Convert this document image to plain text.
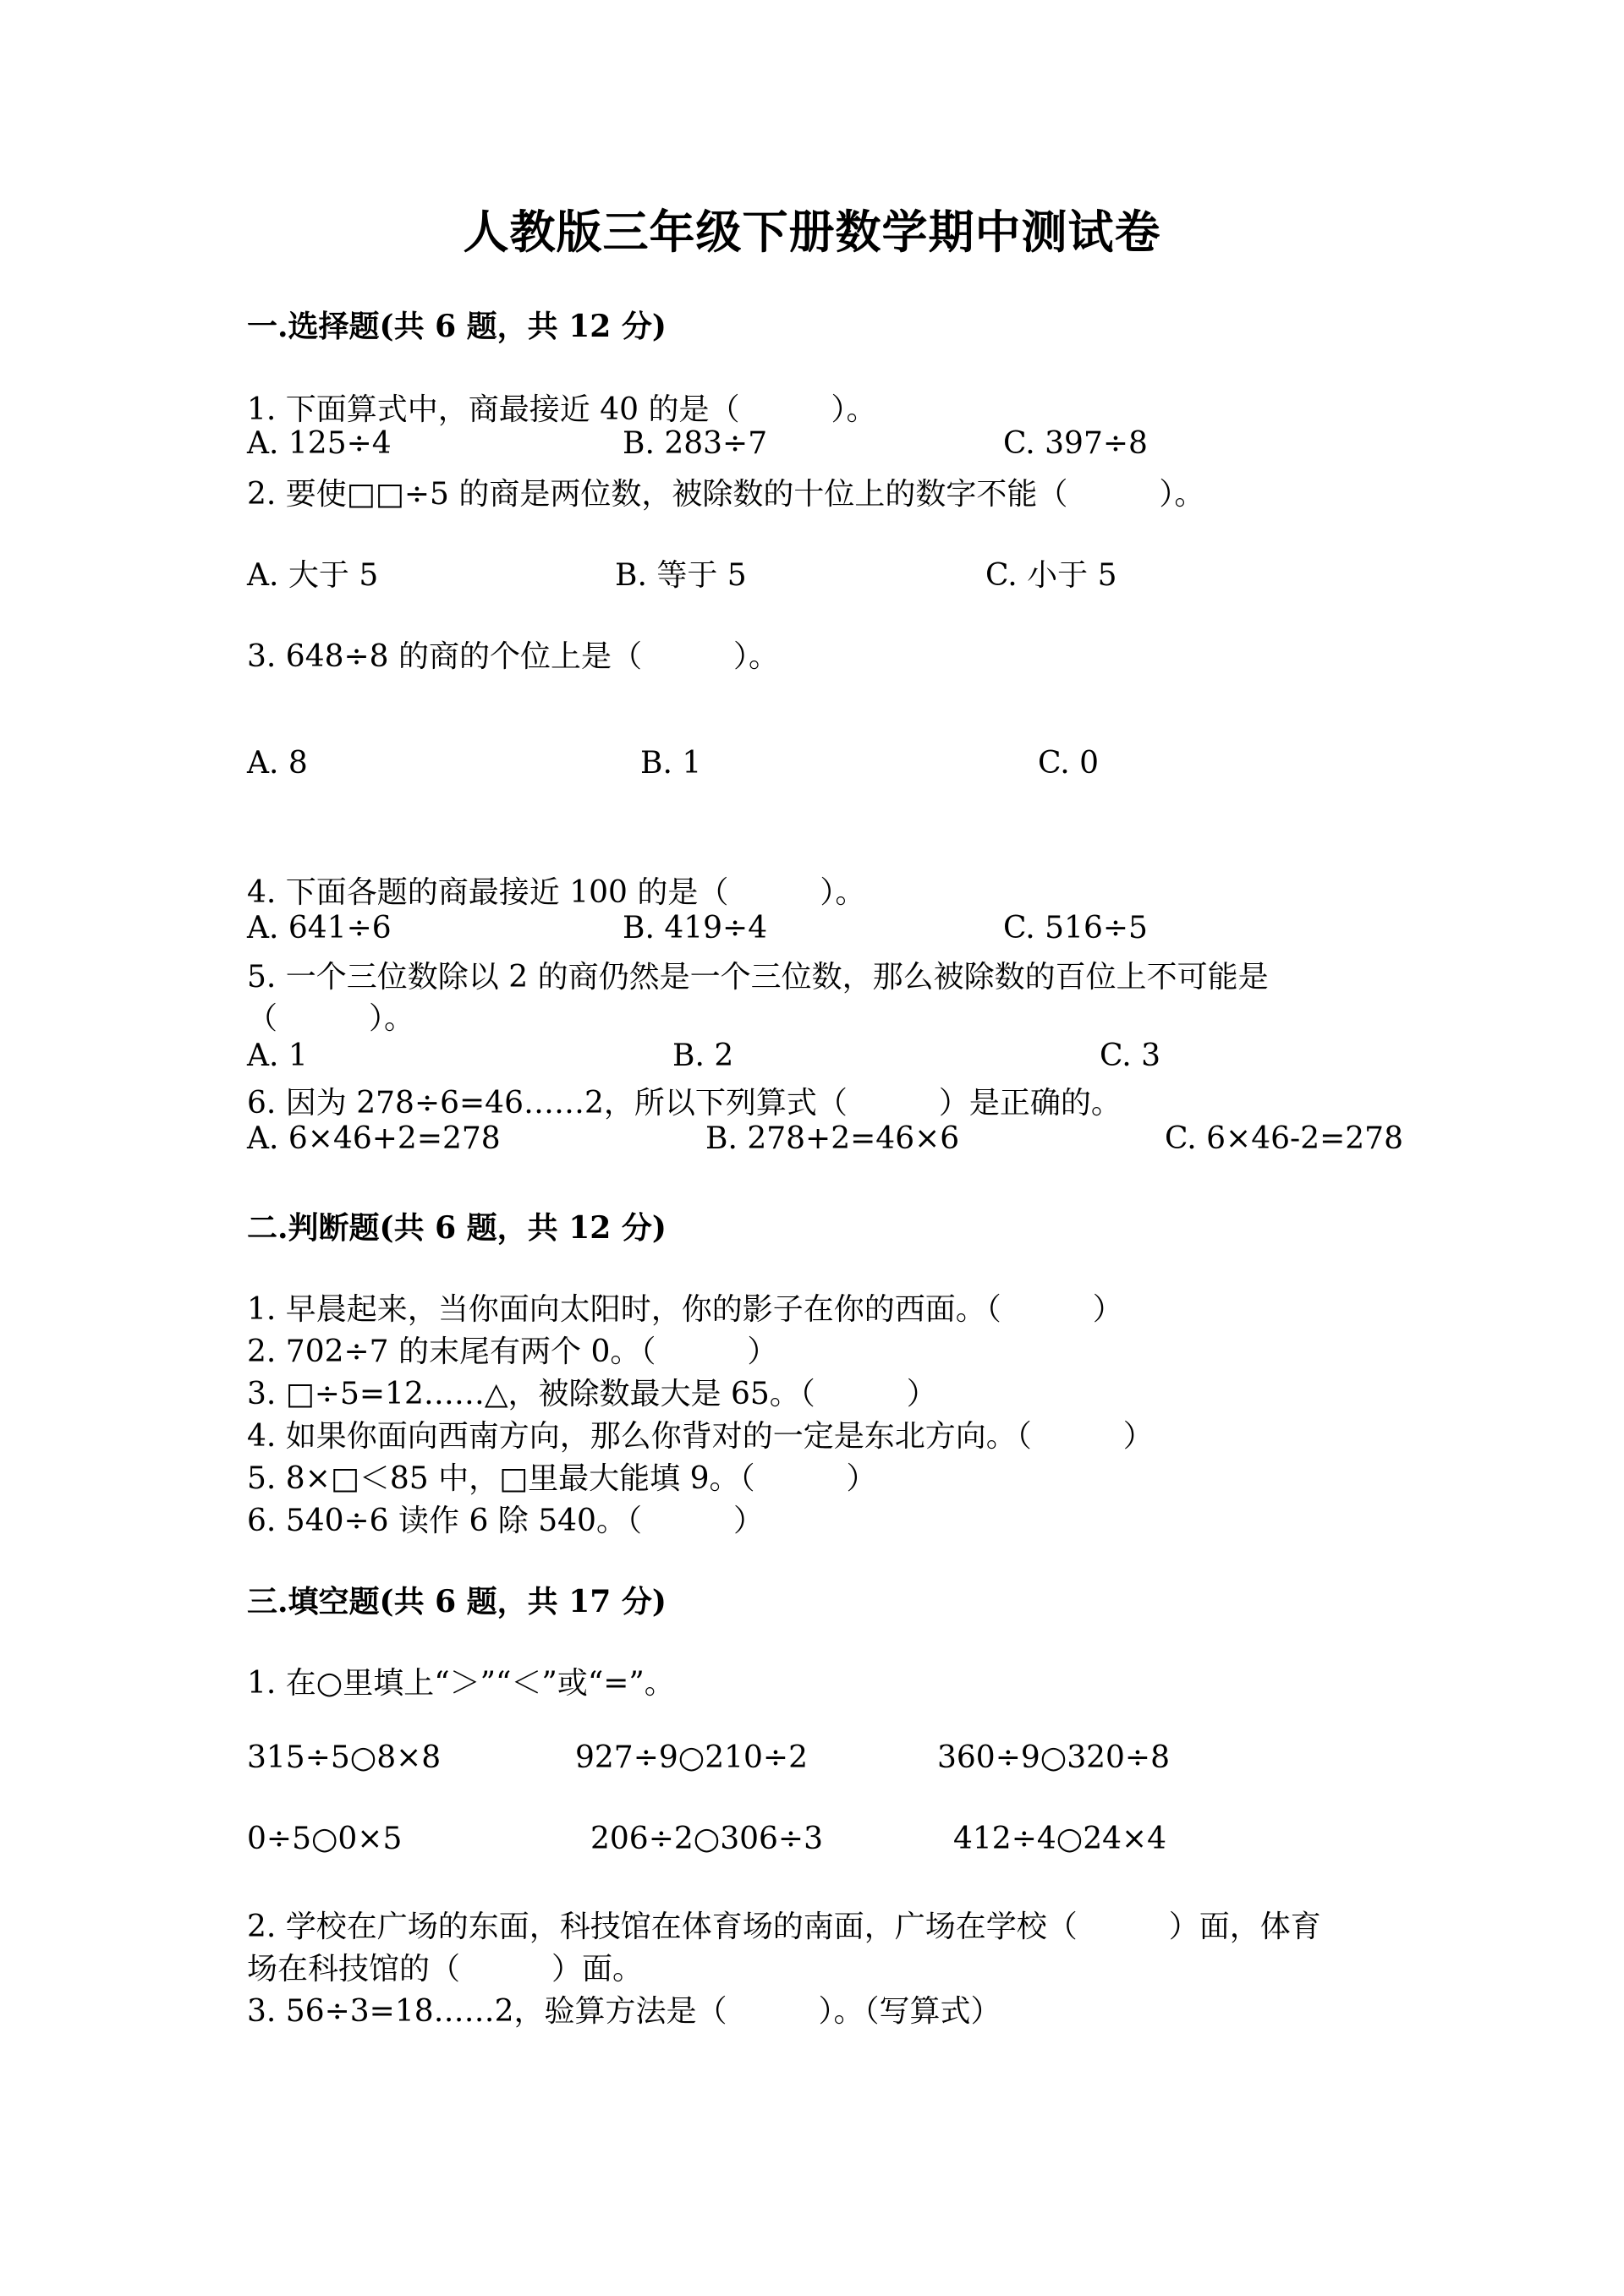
人教版三年级下册数学期中测试卷
一.选择题(共 6 题，共 12 分)
1. 下面算式中，商最接近 40 的是（　　　）。
A. 125÷4	B. 283÷7	C. 397÷8
2. 要使□□÷5 的商是两位数，被除数的十位上的数字不能（　　　）。
A. 大于 5	B. 等于 5	C. 小于 5
3. 648÷8 的商的个位上是（　　　）。
A. 8	B. 1	C. 0
4. 下面各题的商最接近 100 的是（　　　）。
A. 641÷6	B. 419÷4	C. 516÷5
5. 一个三位数除以 2 的商仍然是一个三位数，那么被除数的百位上不可能是
（　　　）。
A. 1	B. 2	C. 3
6. 因为 278÷6=46……2，所以下列算式（　　　）是正确的。
A. 6×46+2=278	B. 278+2=46×6	C. 6×46-2=278
二.判断题(共 6 题，共 12 分)
1. 早晨起来，当你面向太阳时，你的影子在你的西面。（　　　）
2. 702÷7 的末尾有两个 0。（　　　）
3. □÷5=12……△，被除数最大是 65。（　　　）
4. 如果你面向西南方向，那么你背对的一定是东北方向。（　　　）
5. 8×□＜85 中，□里最大能填 9。（　　　）
6. 540÷6 读作 6 除 540。（　　　）
三.填空题(共 6 题，共 17 分)
1. 在○里填上“＞”“＜”或“=”。
315÷5○8×8	927÷9○210÷2	360÷9○320÷8
0÷5○0×5	206÷2○306÷3	412÷4○24×4
2. 学校在广场的东面，科技馆在体育场的南面，广场在学校（　　　）面，体育
场在科技馆的（　　　）面。
3. 56÷3=18……2，验算方法是（　　　）。（写算式）
